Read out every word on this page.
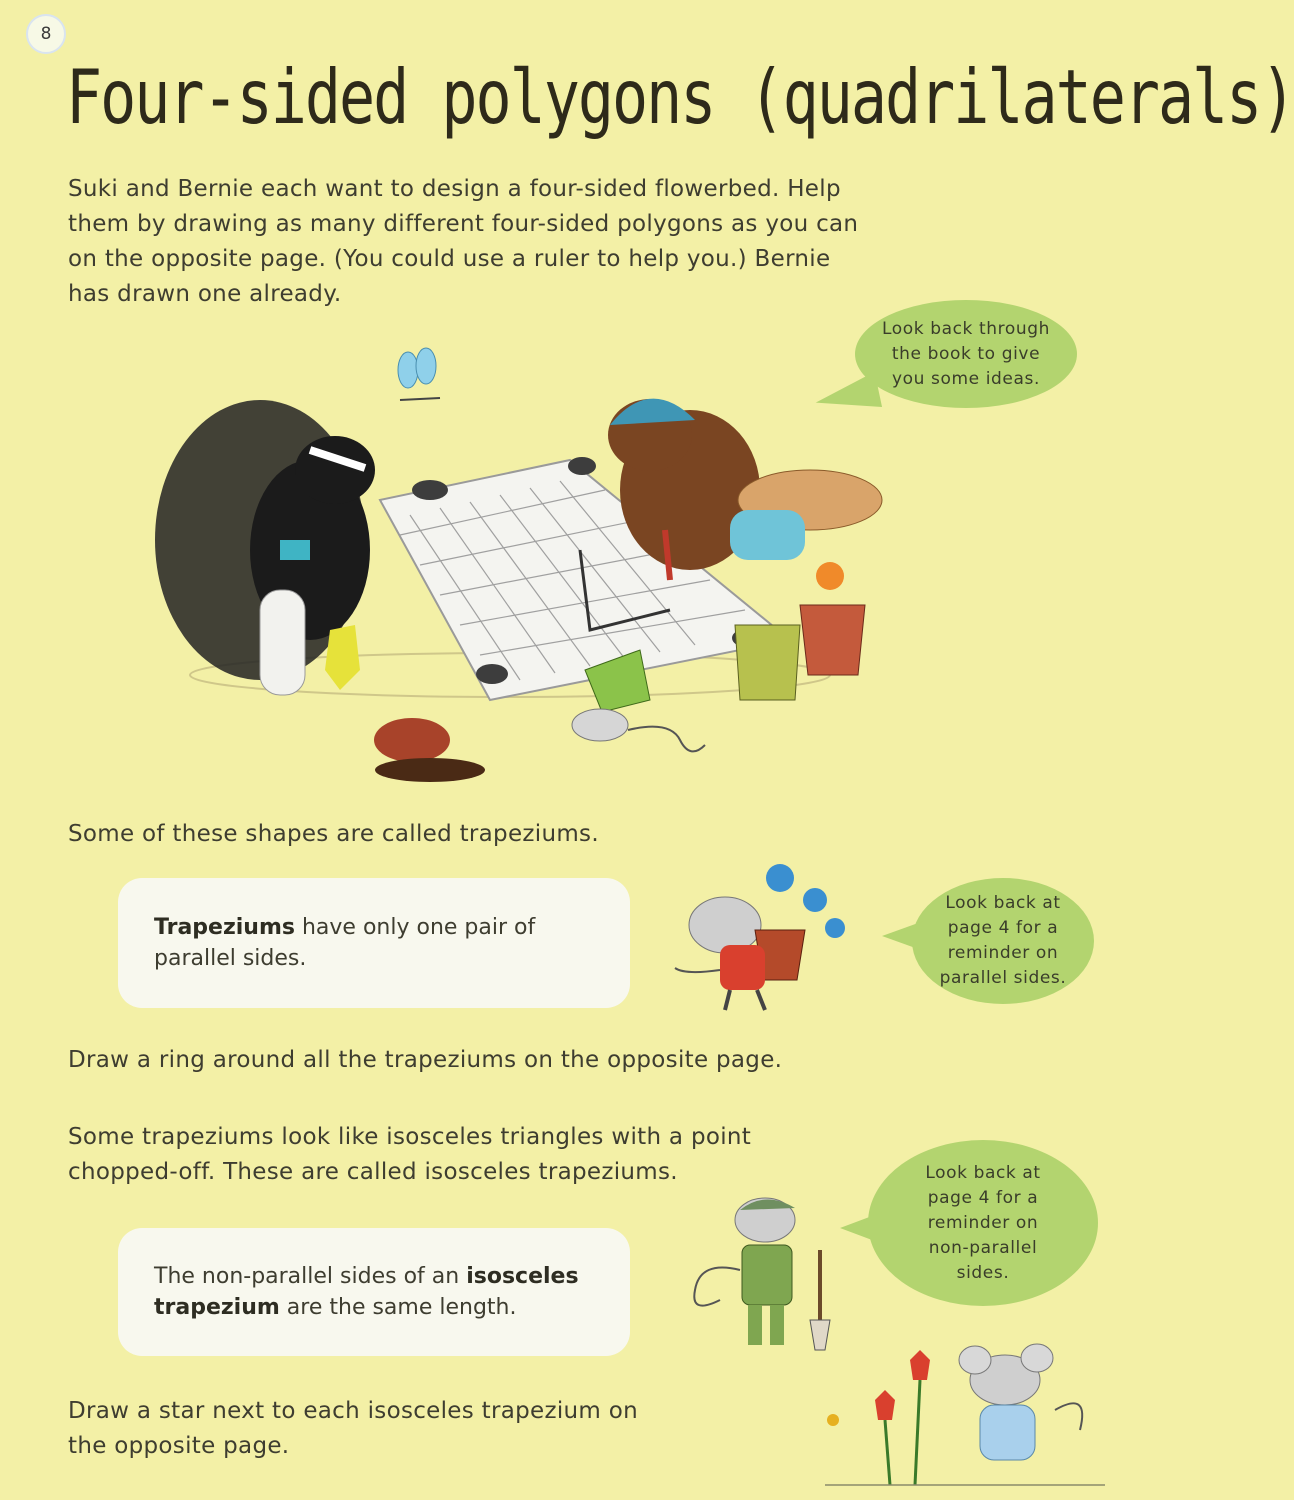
8
Four-sided polygons (quadrilaterals)
Suki and Bernie each want to design a four-sided flowerbed. Help them by drawing as many different four-sided polygons as you can on the opposite page. (You could use a ruler to help you.) Bernie has drawn one already.
Look back through the book to give you some ideas.
Some of these shapes are called trapeziums.
Trapeziums have only one pair of parallel sides.
Look back at page 4 for a reminder on parallel sides.
Draw a ring around all the trapeziums on the opposite page.
Some trapeziums look like isosceles triangles with a point chopped-off. These are called isosceles trapeziums.
The non-parallel sides of an isosceles trapezium are the same length.
Look back at page 4 for a reminder on non-parallel sides.
Draw a star next to each isosceles trapezium on the opposite page.
